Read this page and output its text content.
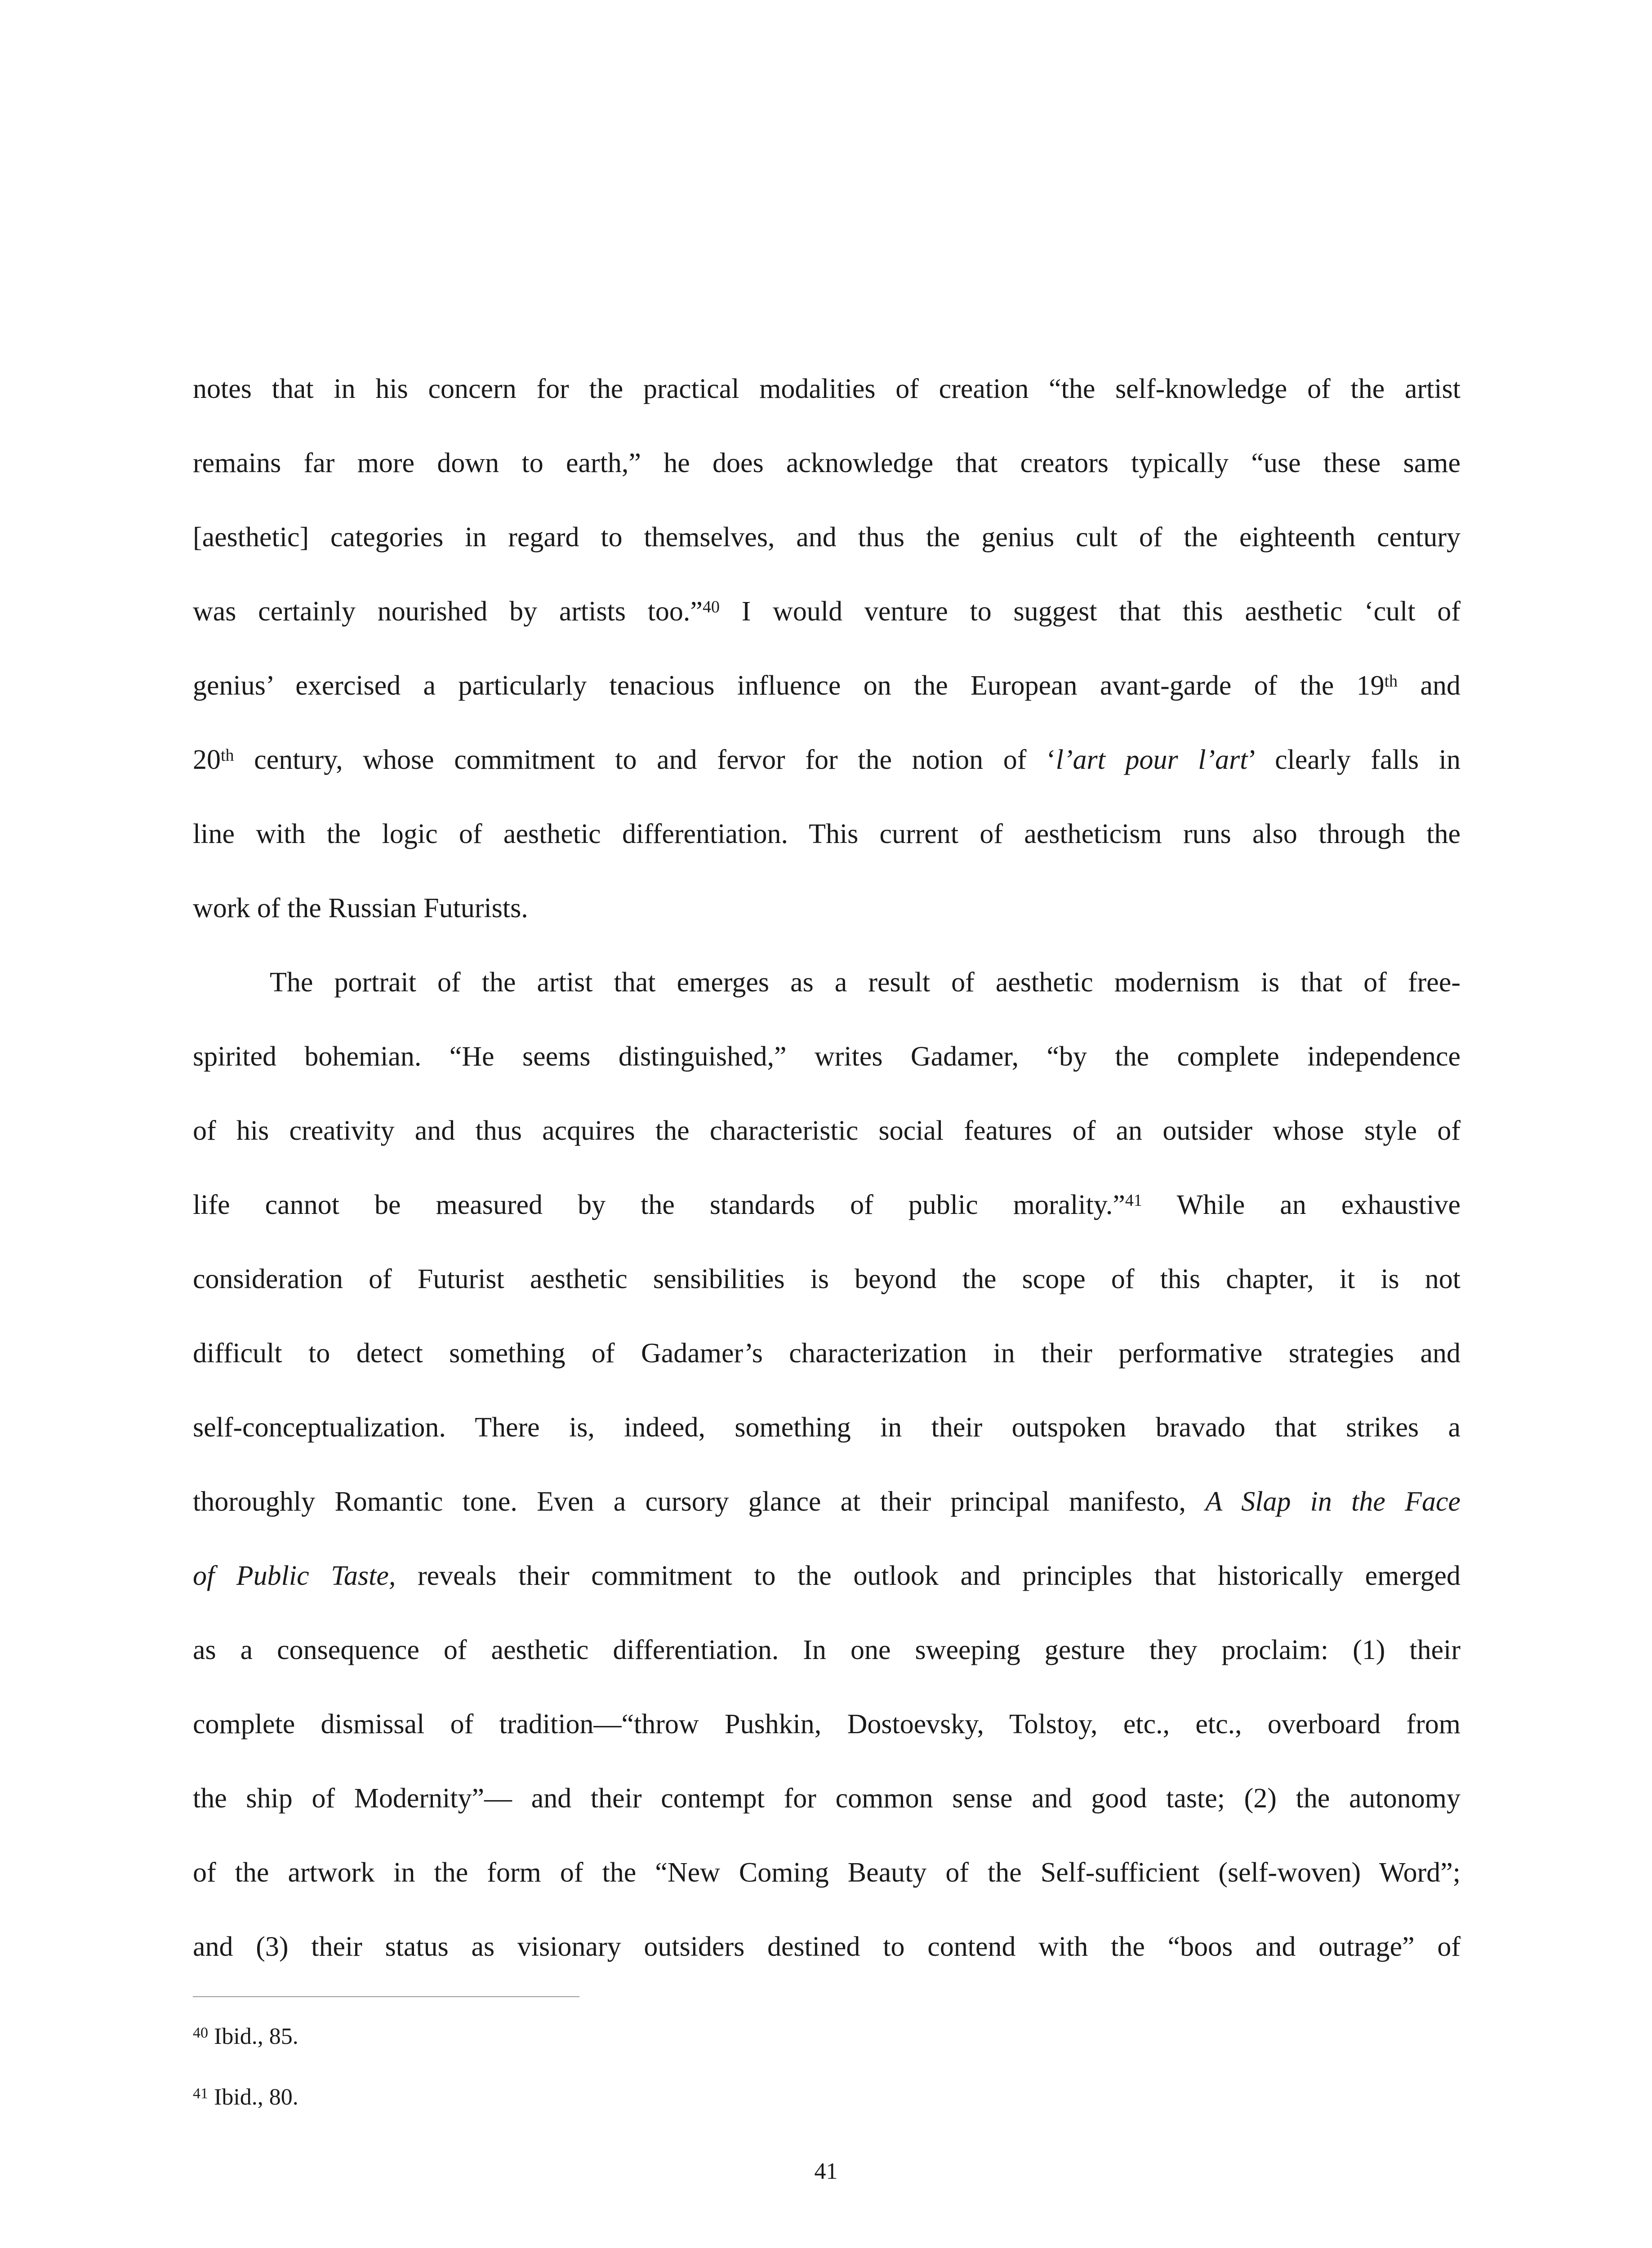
notes that in his concern for the practical modalities of creation “the self-knowledge of the artist
remains far more down to earth,” he does acknowledge that creators typically “use these same
[aesthetic] categories in regard to themselves, and thus the genius cult of the eighteenth century
was certainly nourished by artists too.”$^{40}$ I would venture to suggest that this aesthetic ‘cult of
genius’ exercised a particularly tenacious influence on the European avant-garde of the 19th and
20th century, whose commitment to and fervor for the notion of ‘l’art pour l’art’ clearly falls in
line with the logic of aesthetic differentiation. This current of aestheticism runs also through the
work of the Russian Futurists.
The portrait of the artist that emerges as a result of aesthetic modernism is that of free-
spirited bohemian. “He seems distinguished,” writes Gadamer, “by the complete independence
of his creativity and thus acquires the characteristic social features of an outsider whose style of
life cannot be measured by the standards of public morality.”$^{41}$ While an exhaustive
consideration of Futurist aesthetic sensibilities is beyond the scope of this chapter, it is not
difficult to detect something of Gadamer’s characterization in their performative strategies and
self-conceptualization. There is, indeed, something in their outspoken bravado that strikes a
thoroughly Romantic tone. Even a cursory glance at their principal manifesto, A Slap in the Face
of Public Taste, reveals their commitment to the outlook and principles that historically emerged
as a consequence of aesthetic differentiation. In one sweeping gesture they proclaim: (1) their
complete dismissal of tradition—“throw Pushkin, Dostoevsky, Tolstoy, etc., etc., overboard from
the ship of Modernity”— and their contempt for common sense and good taste; (2) the autonomy
of the artwork in the form of the “New Coming Beauty of the Self-sufficient (self-woven) Word”;
and (3) their status as visionary outsiders destined to contend with the “boos and outrage” of
$^{40}$ Ibid., 85.
$^{41}$ Ibid., 80.
41
